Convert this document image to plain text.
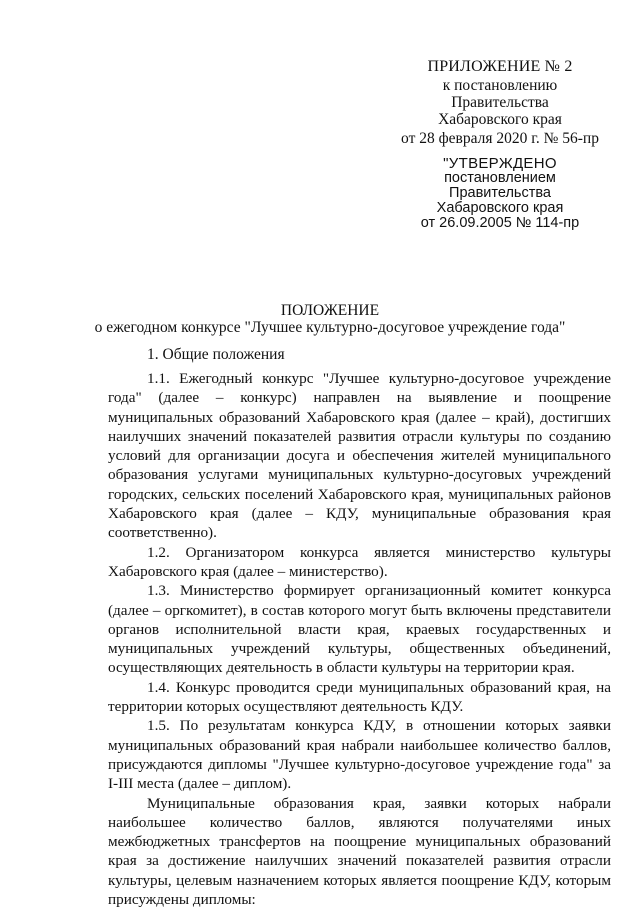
ПРИЛОЖЕНИЕ № 2
к постановлению
Правительства
Хабаровского края
от 28 февраля 2020 г. № 56-пр
"УТВЕРЖДЕНО
постановлением
Правительства
Хабаровского края
от 26.09.2005 № 114-пр
ПОЛОЖЕНИЕ
о ежегодном конкурсе "Лучшее культурно-досуговое учреждение года"
1. Общие положения

1.1. Ежегодный конкурс "Лучшее культурно-досуговое учреждение года" (далее – конкурс) направлен на выявление и поощрение муниципальных образований Хабаровского края (далее – край), достигших наилучших значений показателей развития отрасли культуры по созданию условий для организации досуга и обеспечения жителей муниципального образования услугами муниципальных культурно-досуговых учреждений городских, сельских поселений Хабаровского края, муниципальных районов Хабаровского края (далее – КДУ, муниципальные образования края соответственно).

1.2. Организатором конкурса является министерство культуры Хабаровского края (далее – министерство).

1.3. Министерство формирует организационный комитет конкурса (далее – оргкомитет), в состав которого могут быть включены представители органов исполнительной власти края, краевых государственных и муниципальных учреждений культуры, общественных объединений, осуществляющих деятельность в области культуры на территории края.

1.4. Конкурс проводится среди муниципальных образований края, на территории которых осуществляют деятельность КДУ.

1.5. По результатам конкурса КДУ, в отношении которых заявки муниципальных образований края набрали наибольшее количество баллов, присуждаются дипломы "Лучшее культурно-досуговое учреждение года" за I-III места (далее – диплом).

Муниципальные образования края, заявки которых набрали наибольшее количество баллов, являются получателями иных межбюджетных трансфертов на поощрение муниципальных образований края за достижение наилучших значений показателей развития отрасли культуры, целевым назначением которых является поощрение КДУ, которым присуждены дипломы:
